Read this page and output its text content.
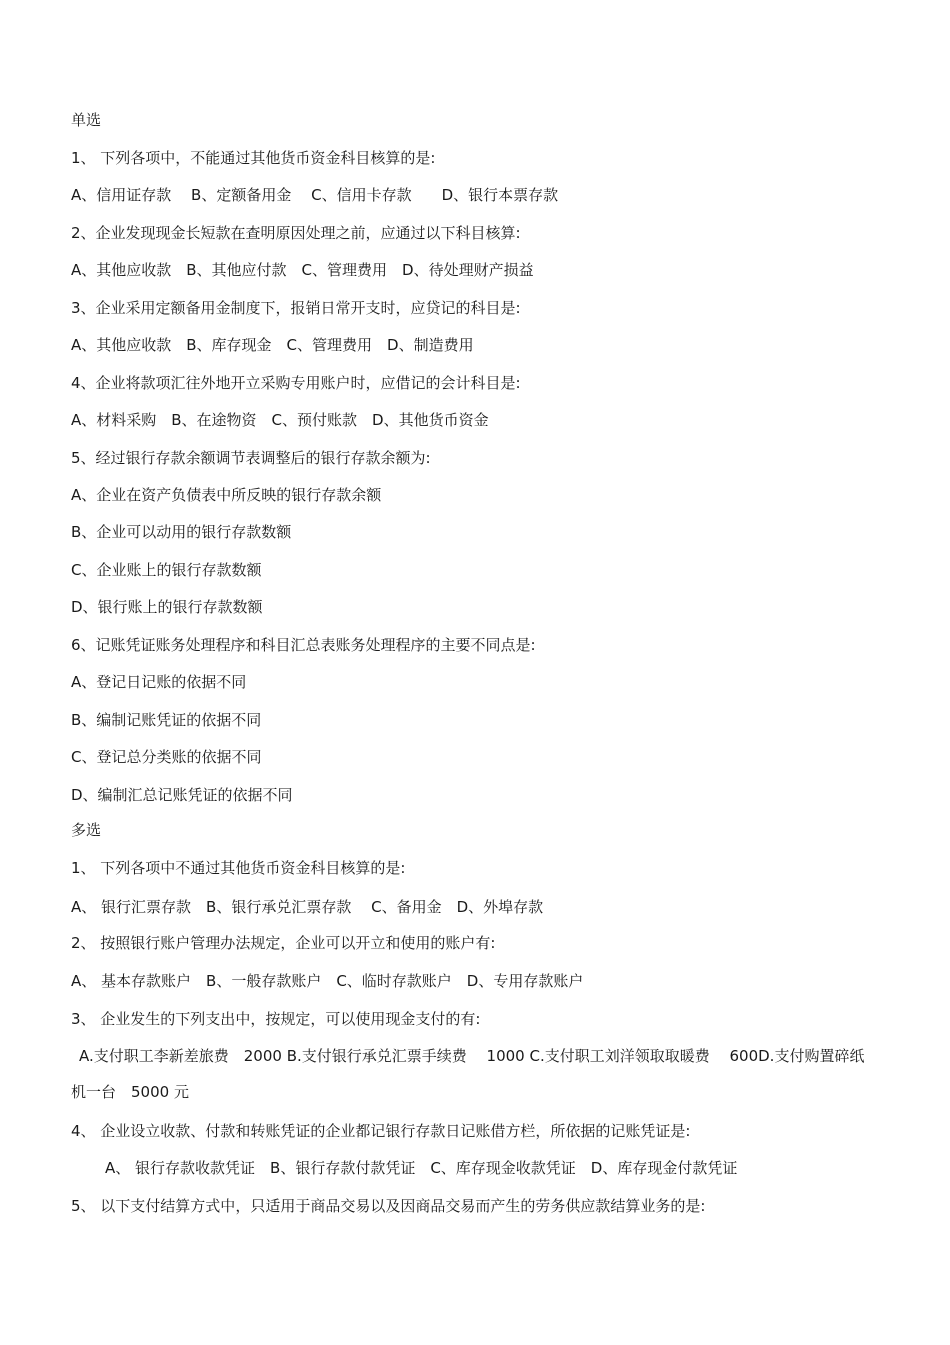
单选
1、 下列各项中，不能通过其他货币资金科目核算的是:
A、信用证存款　 B、定额备用金　 C、信用卡存款　　D、银行本票存款
2、企业发现现金长短款在查明原因处理之前，应通过以下科目核算:
A、其他应收款　B、其他应付款　C、管理费用　D、待处理财产损益
3、企业采用定额备用金制度下，报销日常开支时，应贷记的科目是:
A、其他应收款　B、库存现金　C、管理费用　D、制造费用
4、企业将款项汇往外地开立采购专用账户时，应借记的会计科目是:
A、材料采购　B、在途物资　C、预付账款　D、其他货币资金
5、经过银行存款余额调节表调整后的银行存款余额为:
A、企业在资产负债表中所反映的银行存款余额
B、企业可以动用的银行存款数额
C、企业账上的银行存款数额
D、银行账上的银行存款数额
6、记账凭证账务处理程序和科目汇总表账务处理程序的主要不同点是:
A、登记日记账的依据不同
B、编制记账凭证的依据不同
C、登记总分类账的依据不同
D、编制汇总记账凭证的依据不同
多选
1、 下列各项中不通过其他货币资金科目核算的是:
A、 银行汇票存款　B、银行承兑汇票存款　 C、备用金　D、外埠存款
2、 按照银行账户管理办法规定，企业可以开立和使用的账户有:
A、 基本存款账户　B、一般存款账户　C、临时存款账户　D、专用存款账户
3、 企业发生的下列支出中，按规定，可以使用现金支付的有:
A.支付职工李新差旅费　2000 B.支付银行承兑汇票手续费　 1000 C.支付职工刘洋领取取暖费　 600D.支付购置碎纸机一台　5000 元
4、 企业设立收款、付款和转账凭证的企业都记银行存款日记账借方栏，所依据的记账凭证是:
A、 银行存款收款凭证　B、银行存款付款凭证　C、库存现金收款凭证　D、库存现金付款凭证
5、 以下支付结算方式中，只适用于商品交易以及因商品交易而产生的劳务供应款结算业务的是:
